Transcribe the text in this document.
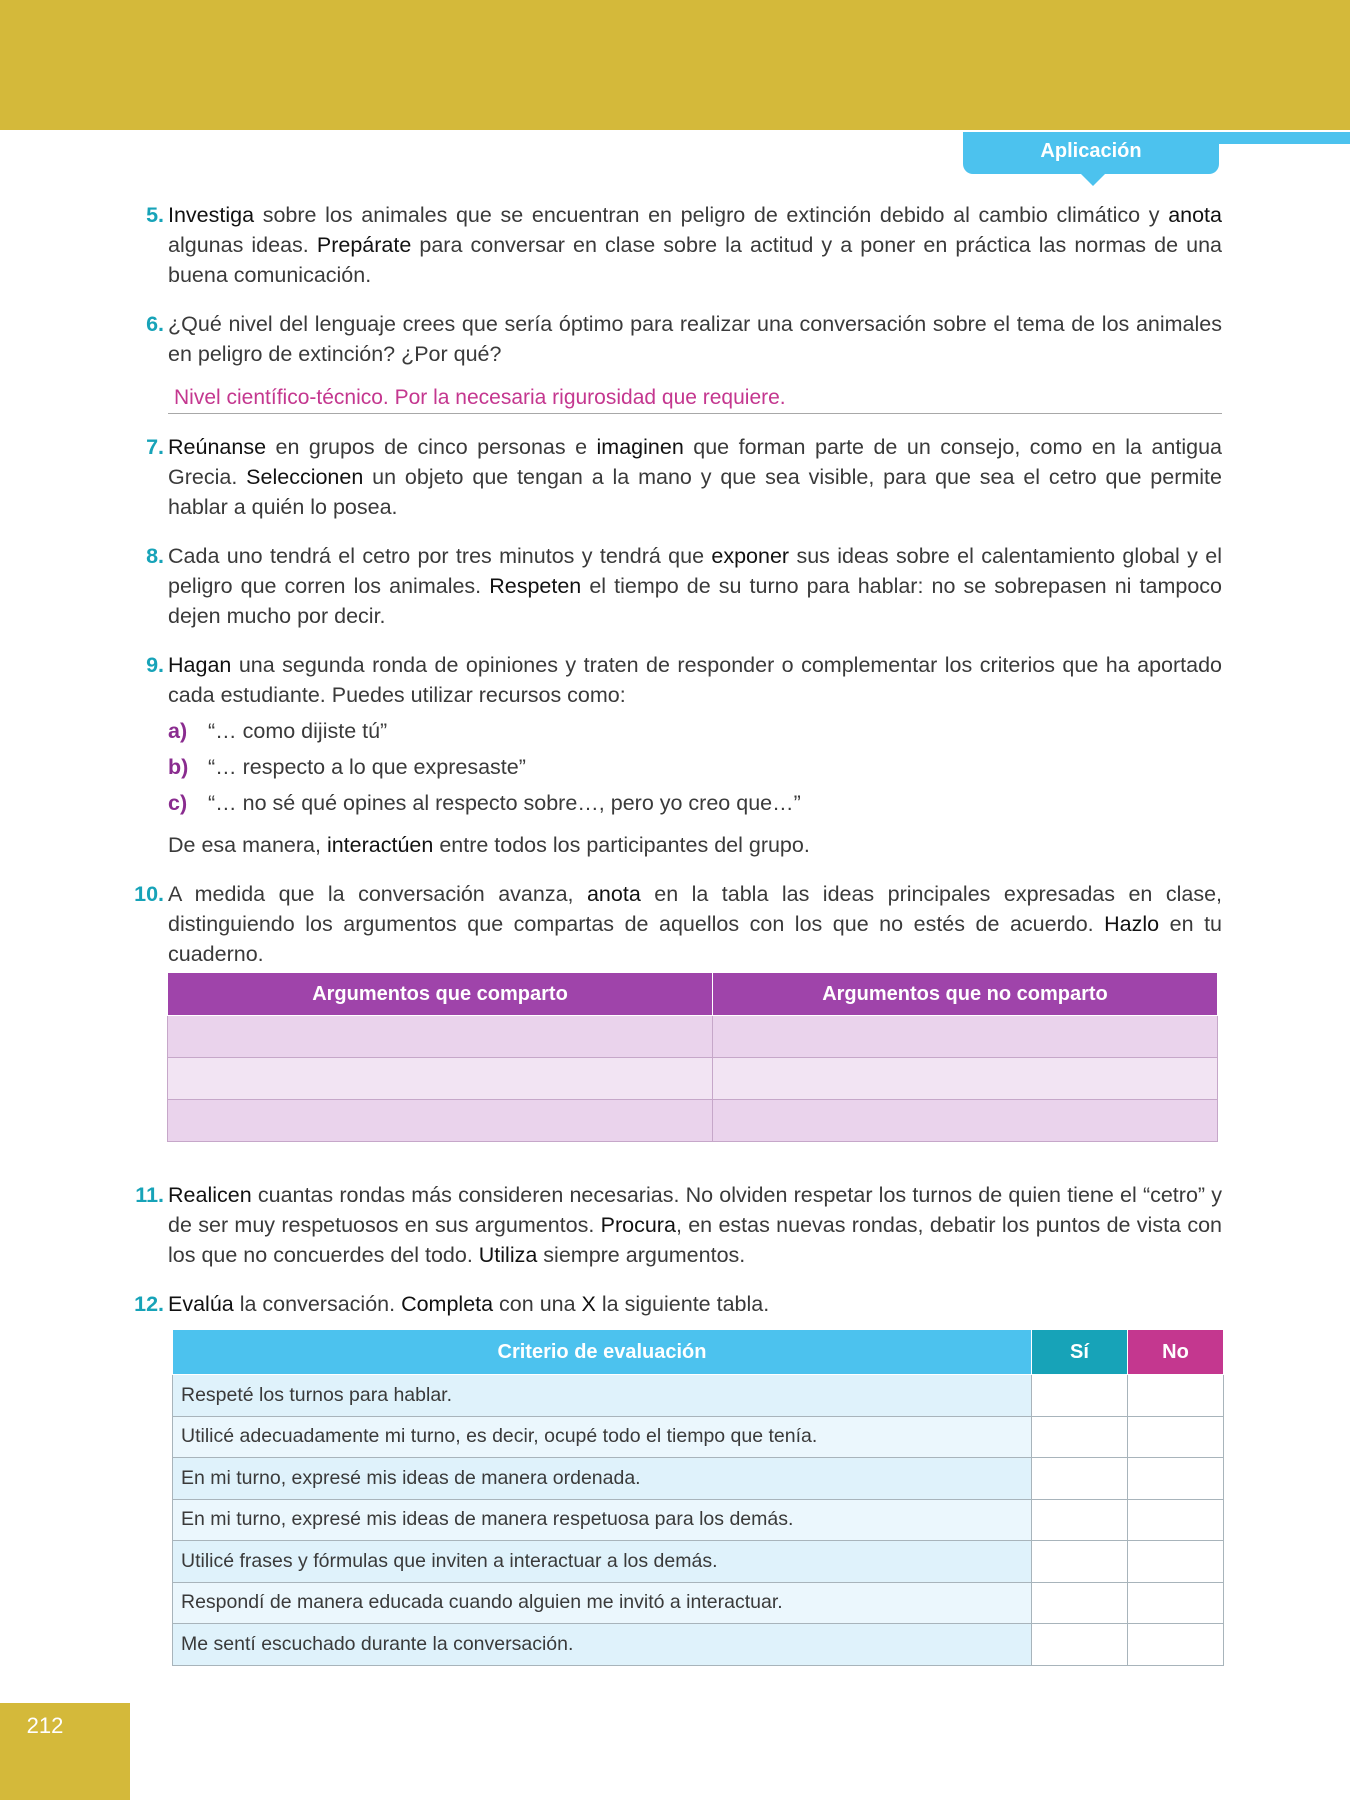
Aplicación
5. Investiga sobre los animales que se encuentran en peligro de extinción debido al cambio climático y anota algunas ideas. Prepárate para conversar en clase sobre la actitud y a poner en práctica las normas de una buena comunicación.
6. ¿Qué nivel del lenguaje crees que sería óptimo para realizar una conversación sobre el tema de los animales en peligro de extinción? ¿Por qué?
Nivel científico-técnico. Por la necesaria rigurosidad que requiere.
7. Reúnanse en grupos de cinco personas e imaginen que forman parte de un consejo, como en la antigua Grecia. Seleccionen un objeto que tengan a la mano y que sea visible, para que sea el cetro que permite hablar a quién lo posea.
8. Cada uno tendrá el cetro por tres minutos y tendrá que exponer sus ideas sobre el calentamiento global y el peligro que corren los animales. Respeten el tiempo de su turno para hablar: no se sobrepasen ni tampoco dejen mucho por decir.
9. Hagan una segunda ronda de opiniones y traten de responder o complementar los criterios que ha aportado cada estudiante. Puedes utilizar recursos como:
a) “… como dijiste tú”
b) “… respecto a lo que expresaste”
c) “… no sé qué opines al respecto sobre…, pero yo creo que…”
De esa manera, interactúen entre todos los participantes del grupo.
10. A medida que la conversación avanza, anota en la tabla las ideas principales expresadas en clase, distinguiendo los argumentos que compartas de aquellos con los que no estés de acuerdo. Hazlo en tu cuaderno.
Argumentos que comparto	Argumentos que no comparto

11. Realicen cuantas rondas más consideren necesarias. No olviden respetar los turnos de quien tiene el “cetro” y de ser muy respetuosos en sus argumentos. Procura, en estas nuevas rondas, debatir los puntos de vista con los que no concuerdes del todo. Utiliza siempre argumentos.
12. Evalúa la conversación. Completa con una X la siguiente tabla.
Criterio de evaluación	Sí	No
Respeté los turnos para hablar.		
Utilicé adecuadamente mi turno, es decir, ocupé todo el tiempo que tenía.		
En mi turno, expresé mis ideas de manera ordenada.		
En mi turno, expresé mis ideas de manera respetuosa para los demás.		
Utilicé frases y fórmulas que inviten a interactuar a los demás.		
Respondí de manera educada cuando alguien me invitó a interactuar.		
Me sentí escuchado durante la conversación.		
212
